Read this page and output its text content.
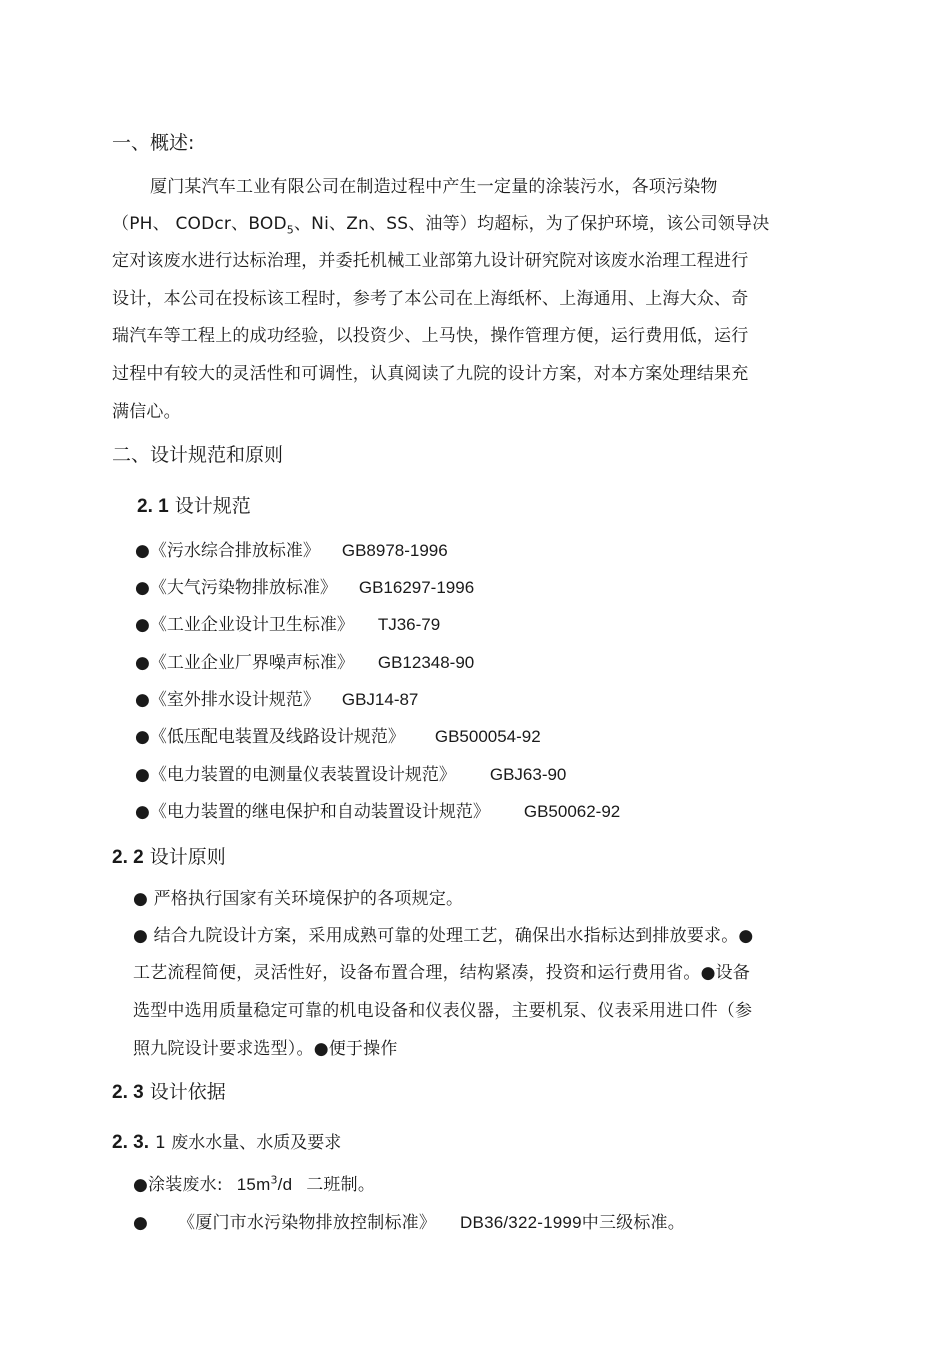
一、概述:
厦门某汽车工业有限公司在制造过程中产生一定量的涂装污水，各项污染物
（PH、 CODcr、$BOD_5$、Ni、Zn、SS、油等）均超标，为了保护环境，该公司领导决
定对该废水进行达标治理，并委托机械工业部第九设计研究院对该废水治理工程进行
设计，本公司在投标该工程时，参考了本公司在上海纸杯、上海通用、上海大众、奇
瑞汽车等工程上的成功经验，以投资少、上马快，操作管理方便，运行费用低，运行
过程中有较大的灵活性和可调性，认真阅读了九院的设计方案，对本方案处理结果充
满信心。
二、设计规范和原则
2. 1 设计规范
●《污水综合排放标准》 GB8978-1996
●《大气污染物排放标准》 GB16297-1996
●《工业企业设计卫生标准》 TJ36-79
●《工业企业厂界噪声标准》 GB12348-90
●《室外排水设计规范》 GBJ14-87
●《低压配电装置及线路设计规范》 GB500054-92
●《电力装置的电测量仪表装置设计规范》 GBJ63-90
●《电力装置的继电保护和自动装置设计规范》 GB50062-92
2. 2 设计原则
● 严格执行国家有关环境保护的各项规定。
● 结合九院设计方案，采用成熟可靠的处理工艺，确保出水指标达到排放要求。●
工艺流程简便，灵活性好，设备布置合理，结构紧凑，投资和运行费用省。●设备
选型中选用质量稳定可靠的机电设备和仪表仪器，主要机泵、仪表采用进口件（参
照九院设计要求选型）。●便于操作
2. 3 设计依据
2. 3. 1 废水水量、水质及要求
●涂装废水: $15m^3/d$ 二班制。
● 《厦门市水污染物排放控制标准》 DB36/322-1999中三级标准。
